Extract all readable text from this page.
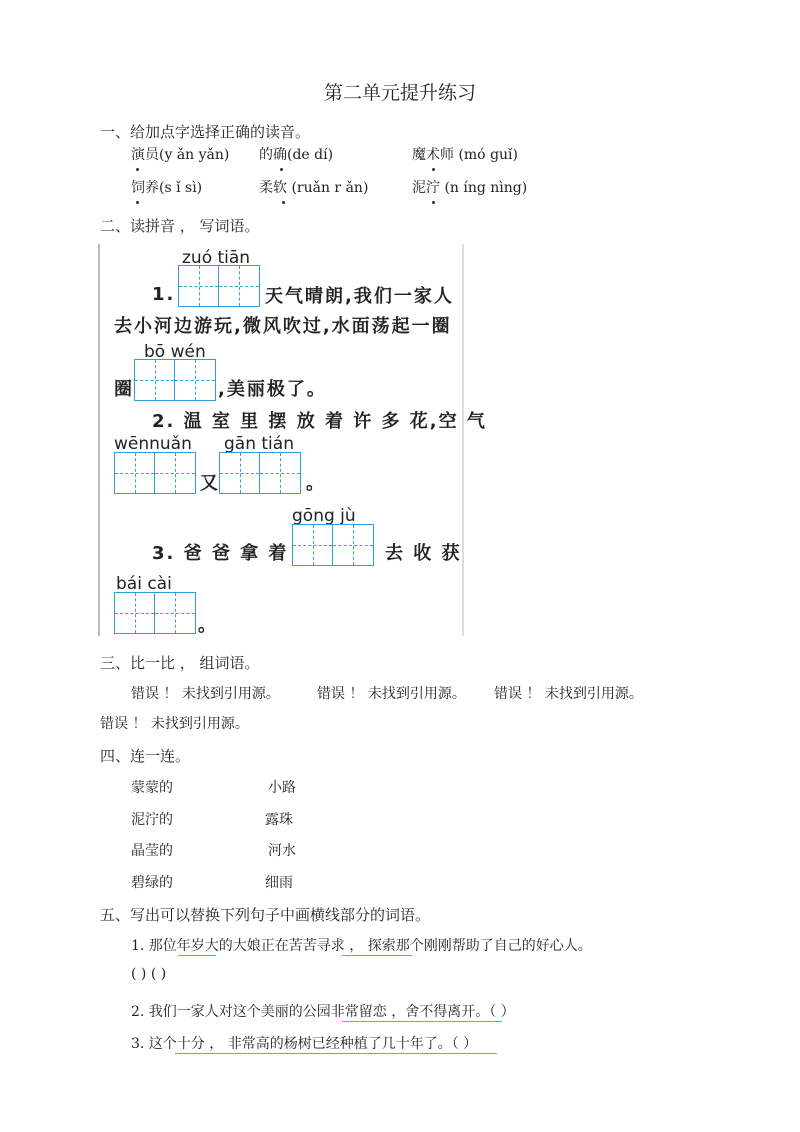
第二单元提升练习
一、给加点字选择正确的读音。
演员(y ǎn yǎn) 的确(de dí)	魔术师 (mó guǐ)
饲养(s ǐ sì)	柔软 (ruǎn r ǎn)	泥泞 (n íng nìng)
二、读拼音 ， 写词语。
zuó tiān
1.	天气晴朗,我们一家人
去小河边游玩,微风吹过,水面荡起一圈
bō wén
圈	,美丽极了。
2. 温 室 里 摆 放 着 许 多 花,空 气
wēnnuǎn gān tián
又	。
gōng jù
3. 爸 爸 拿 着	去 收 获
bái cài
。
三、比一比 ， 组词语。
错误 ！ 未找到引用源。	错误 ！ 未找到引用源。 错误 ！ 未找到引用源。
错误 ！ 未找到引用源。
四、连一连。
蒙蒙的	小路
泥泞的	露珠
晶莹的	河水
碧绿的	细雨
五、写出可以替换下列句子中画横线部分的词语。
1. 那位年岁大的大娘正在苦苦寻求 ， 探索那个刚刚帮助了自己的好心人。
( ) ( )
2. 我们一家人对这个美丽的公园非常留恋 ，舍不得离开。（ ）
3. 这个十分 ， 非常高的杨树已经种植了几十年了。（ ）
